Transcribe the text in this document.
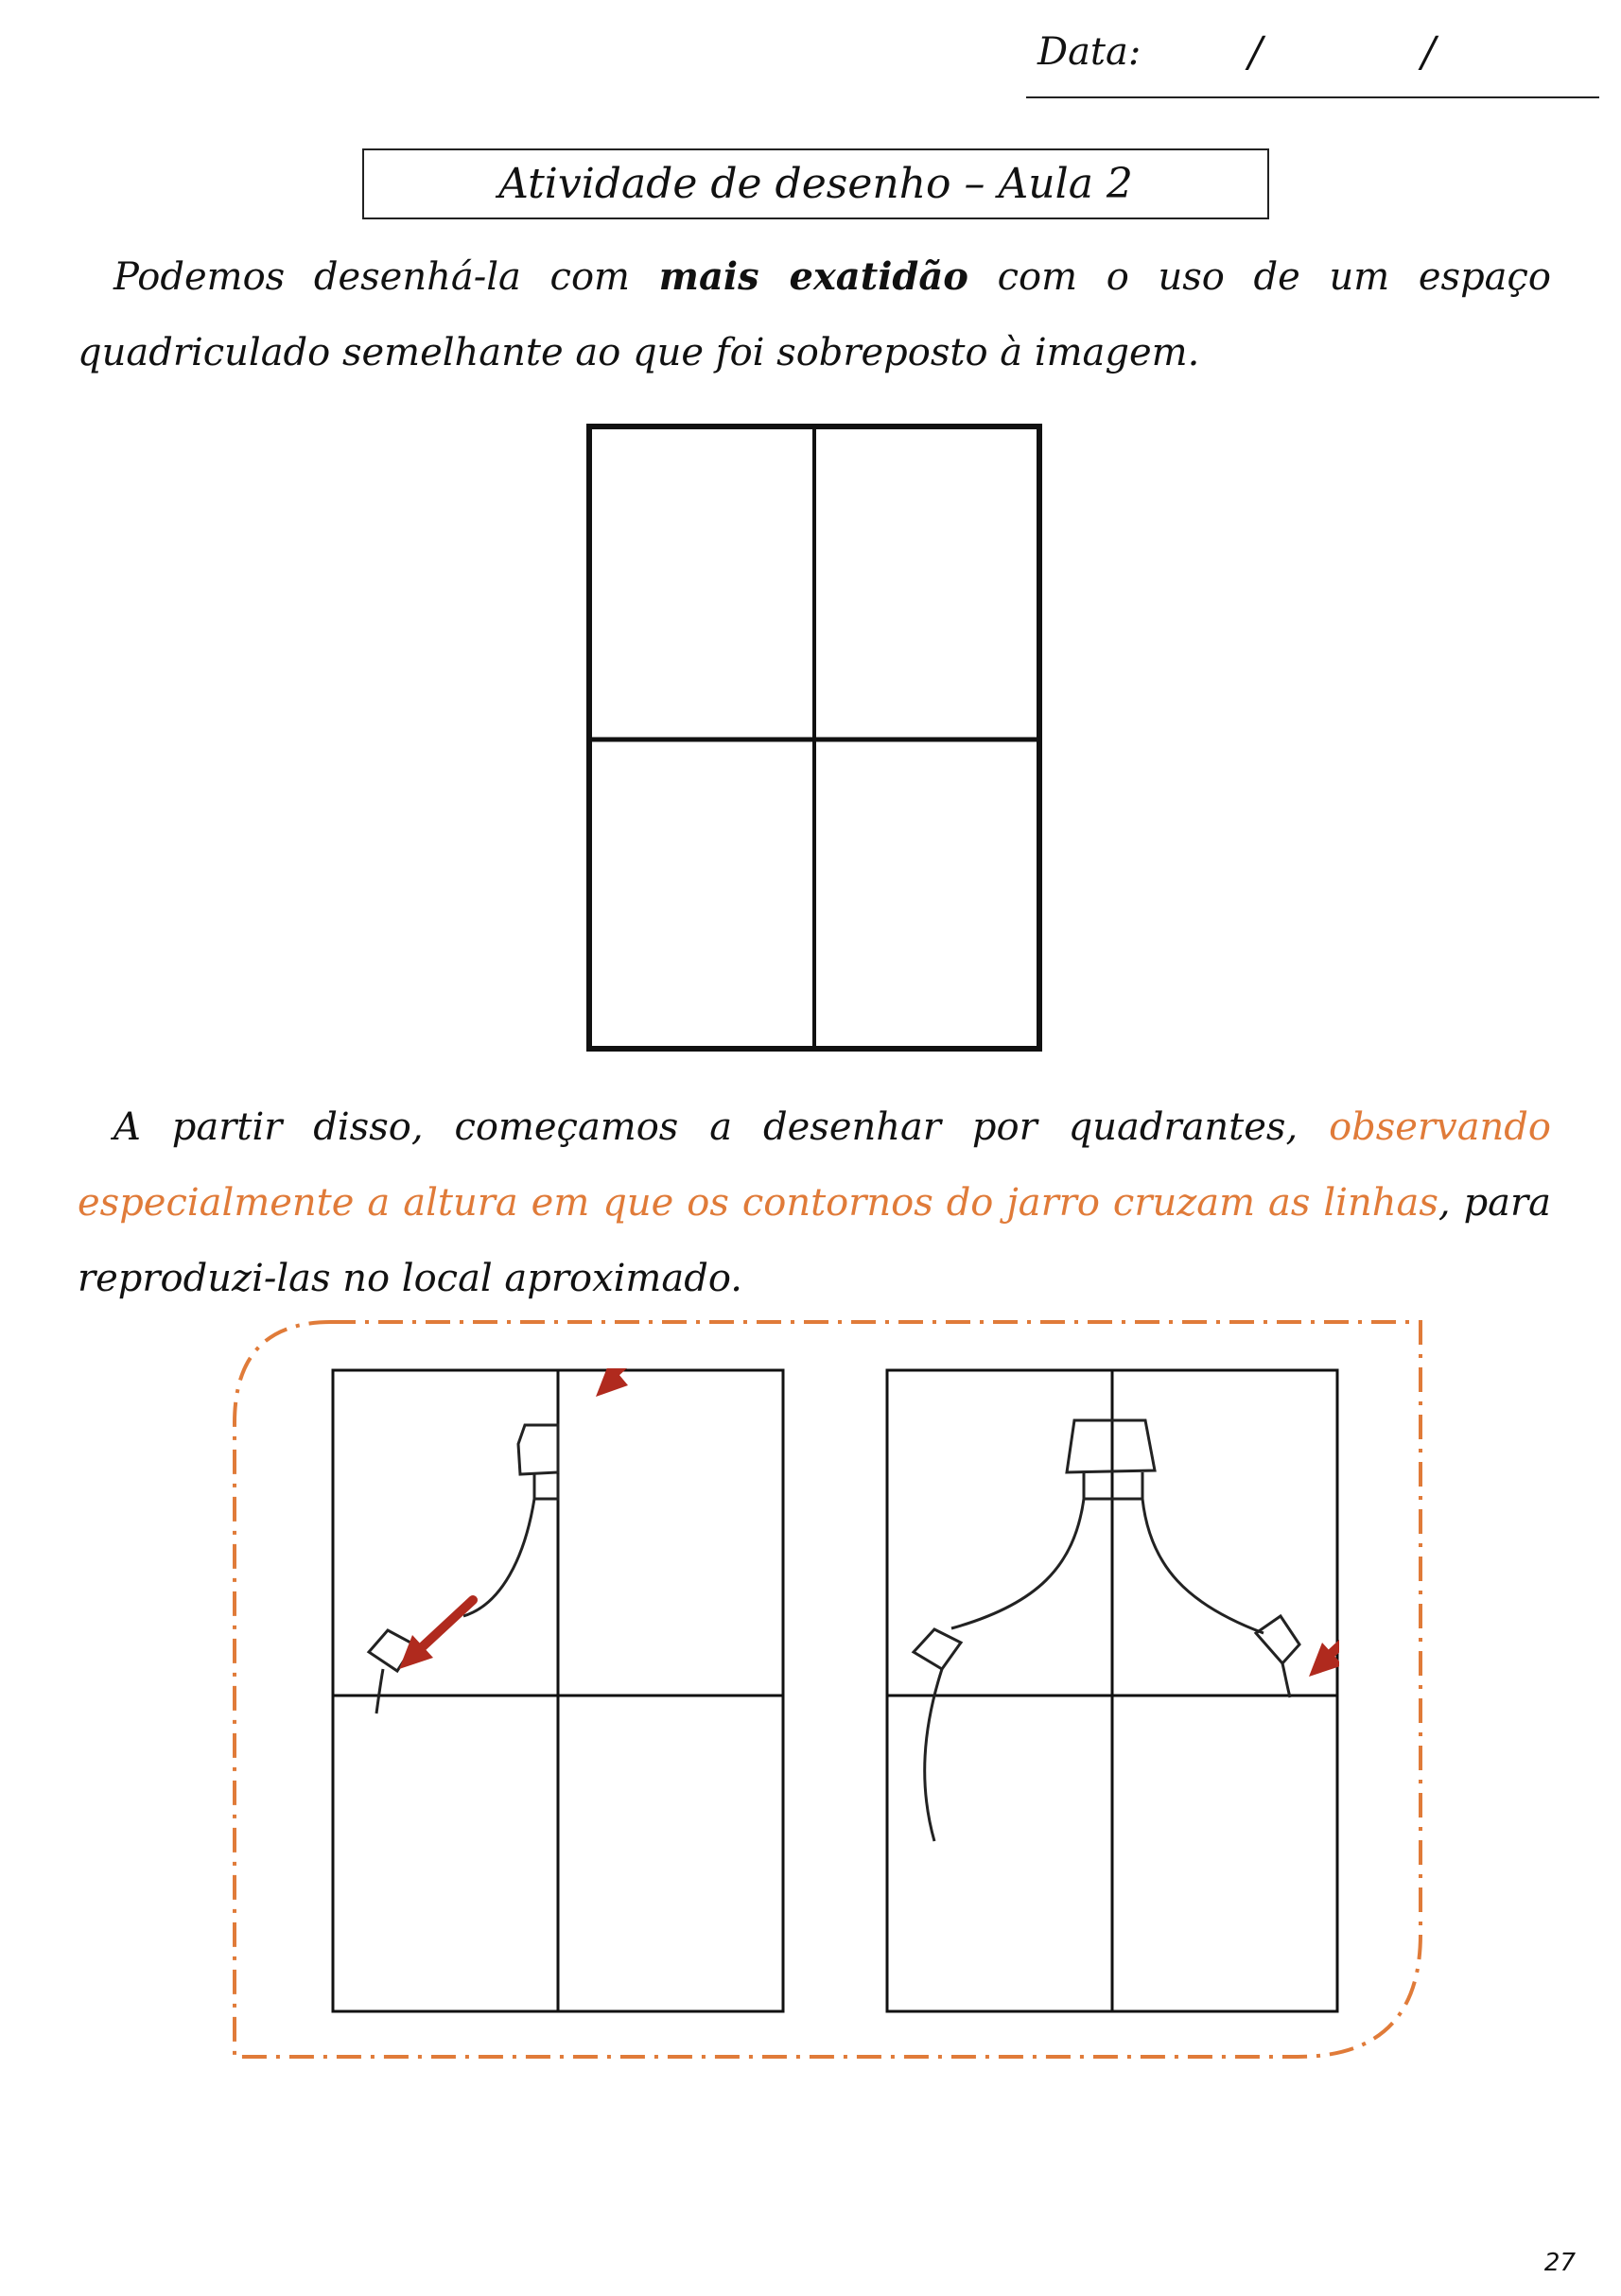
Data:	/	/
Atividade de desenho – Aula 2

Podemos desenhá-la com mais exatidão com o uso de um espaço quadriculado semelhante ao que foi sobreposto à imagem.

A partir disso, começamos a desenhar por quadrantes, observando especialmente a altura em que os contornos do jarro cruzam as linhas, para reproduzi-las no local aproximado.

27
